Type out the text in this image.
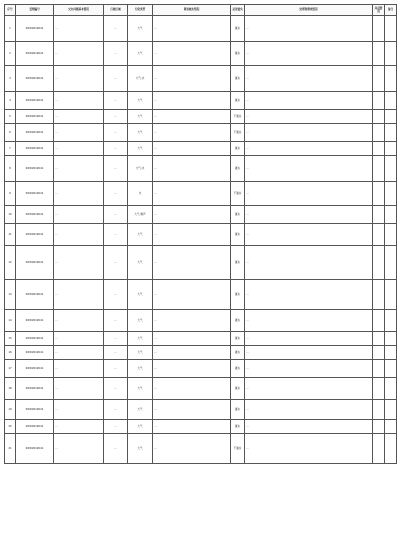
序号	受理编号	交办问题基本情况	行政区域	污染类型	调查核实情况	是否属实	处理和整改情况	问责情况	备注
1	SWD2019041	…	…	大气	…	属实	…		
2	SWD2019041	…	…	大气	…	属实	…		
3	SWD2019041	…	…	大气,水	…	属实	…		
4	SWD2019041	…	…	大气	…	属实	…		
5	SWD2019041	…	…	大气	…	不属实	…		
6	SWD2019041	…	…	大气	…	不属实	…		
7	SWD2019041	…	…	大气	…	属实	…		
8	SWD2019041	…	…	大气,水	…	属实	…		
9	SWD2019041	…	…	水	…	不属实	…		
10	SWD2019041	…	…	大气,噪声	…	属实	…		
11	SWD2019041	…	…	大气	…	属实	…		
12	SWD2019041	…	…	大气	…	属实	…		
13	SWD2019041	…	…	大气	…	属实	…		
14	SWD2019041	…	…	大气	…	属实	…		
15	SWD2019041	…	…	大气	…	属实	…		
16	SWD2019041	…	…	大气	…	属实	…		
17	SWD2019041	…	…	大气	…	属实	…		
18	SWD2019041	…	…	大气	…	属实	…		
19	SWD2019041	…	…	大气	…	属实	…		
20	SWD2019041	…	…	大气	…	属实	…		
21	SWD2019041	…	…	大气	…	不属实	…		
